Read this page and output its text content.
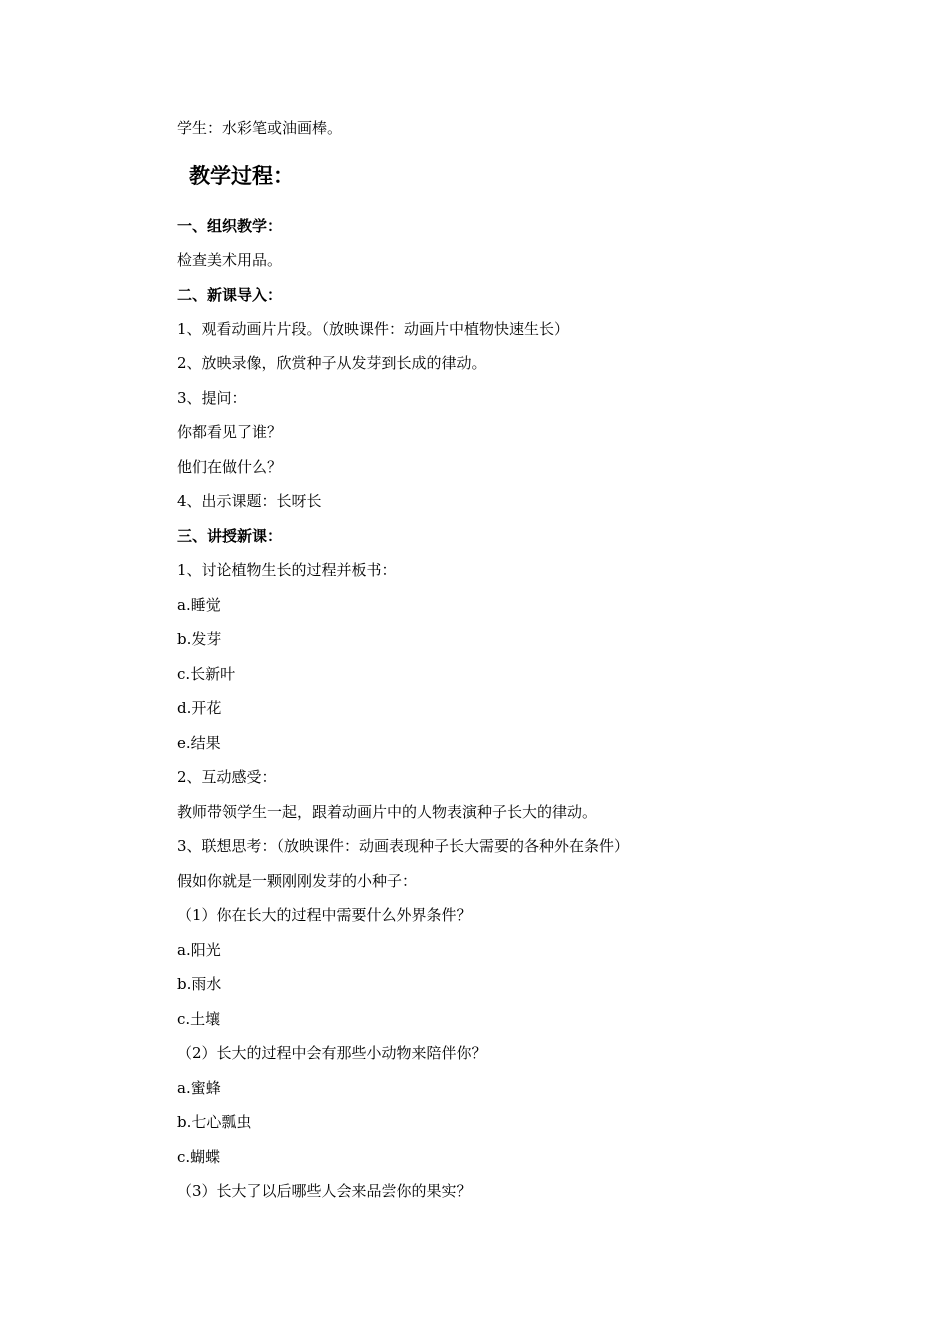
学生：水彩笔或油画棒。
教学过程：
一、组织教学：
检查美术用品。
二、新课导入：
1、观看动画片片段。（放映课件：动画片中植物快速生长）
2、放映录像，欣赏种子从发芽到长成的律动。
3、提问：
你都看见了谁？
他们在做什么？
4、出示课题：长呀长
三、讲授新课：
1、讨论植物生长的过程并板书：
a.睡觉
b.发芽
c.长新叶
d.开花
e.结果
2、互动感受：
教师带领学生一起，跟着动画片中的人物表演种子长大的律动。
3、联想思考：（放映课件：动画表现种子长大需要的各种外在条件）
假如你就是一颗刚刚发芽的小种子：
（1）你在长大的过程中需要什么外界条件？
a.阳光
b.雨水
c.土壤
（2）长大的过程中会有那些小动物来陪伴你？
a.蜜蜂
b.七心瓢虫
c.蝴蝶
（3）长大了以后哪些人会来品尝你的果实？
